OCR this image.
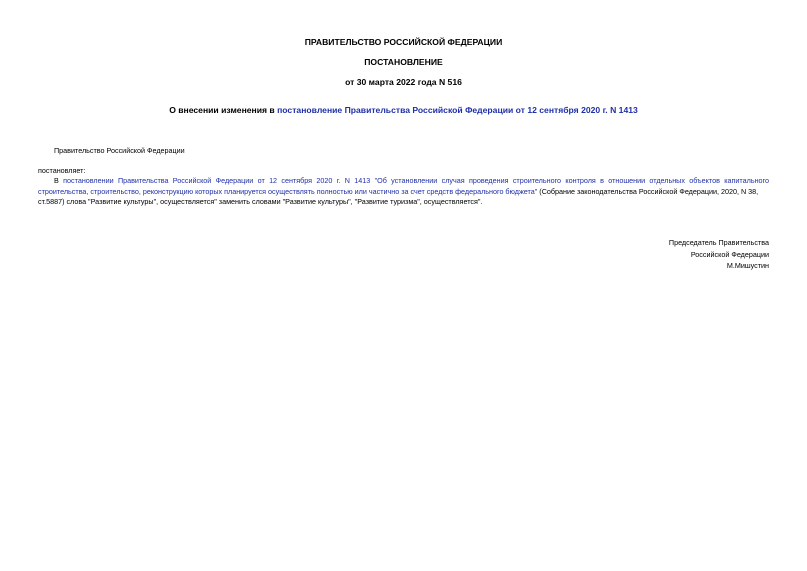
ПРАВИТЕЛЬСТВО РОССИЙСКОЙ ФЕДЕРАЦИИ
ПОСТАНОВЛЕНИЕ
от 30 марта 2022 года N 516
О внесении изменения в постановление Правительства Российской Федерации от 12 сентября 2020 г. N 1413
Правительство Российской Федерации
постановляет:
В постановлении Правительства Российской Федерации от 12 сентября 2020 г. N 1413 "Об установлении случая проведения строительного контроля в отношении отдельных объектов капитального
строительства, строительство, реконструкцию которых планируется осуществлять полностью или частично за счет средств федерального бюджета" (Собрание законодательства Российской Федерации, 2020, N 38,
ст.5887) слова "Развитие культуры", осуществляется" заменить словами "Развитие культуры", "Развитие туризма", осуществляется".
Председатель Правительства
Российской Федерации
М.Мишустин
